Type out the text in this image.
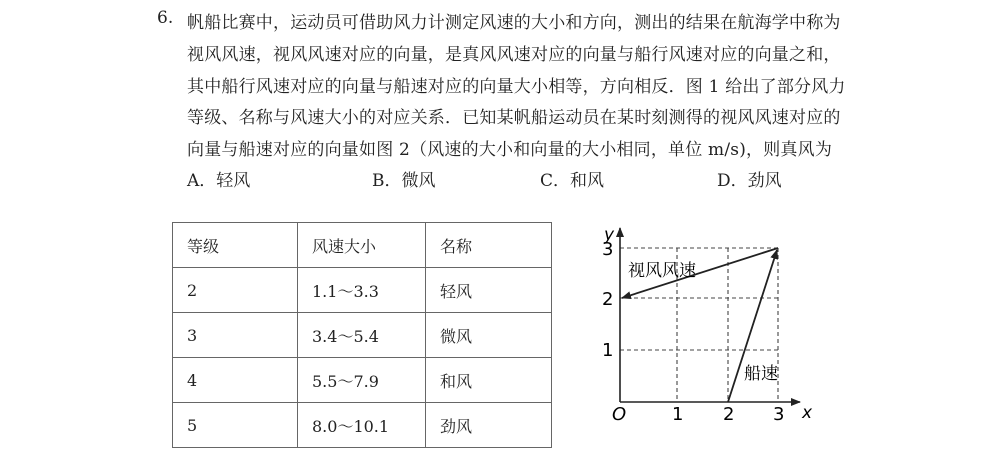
6. 帆船比赛中，运动员可借助风力计测定风速的大小和方向，测出的结果在航海学中称为
视风风速，视风风速对应的向量，是真风风速对应的向量与船行风速对应的向量之和，
其中船行风速对应的向量与船速对应的向量大小相等，方向相反．图 1 给出了部分风力
等级、名称与风速大小的对应关系．已知某帆船运动员在某时刻测得的视风风速对应的
向量与船速对应的向量如图 2（风速的大小和向量的大小相同，单位 m/s)，则真风为
A．轻风	B．微风	C．和风	D．劲风
等级	风速大小	名称
2	1.1～3.3	轻风
3	3.4～5.4	微风
4	5.5～7.9	和风
5	8.0～10.1	劲风
y
x
O	1 2 3
1
2
3
视风风速
船速
